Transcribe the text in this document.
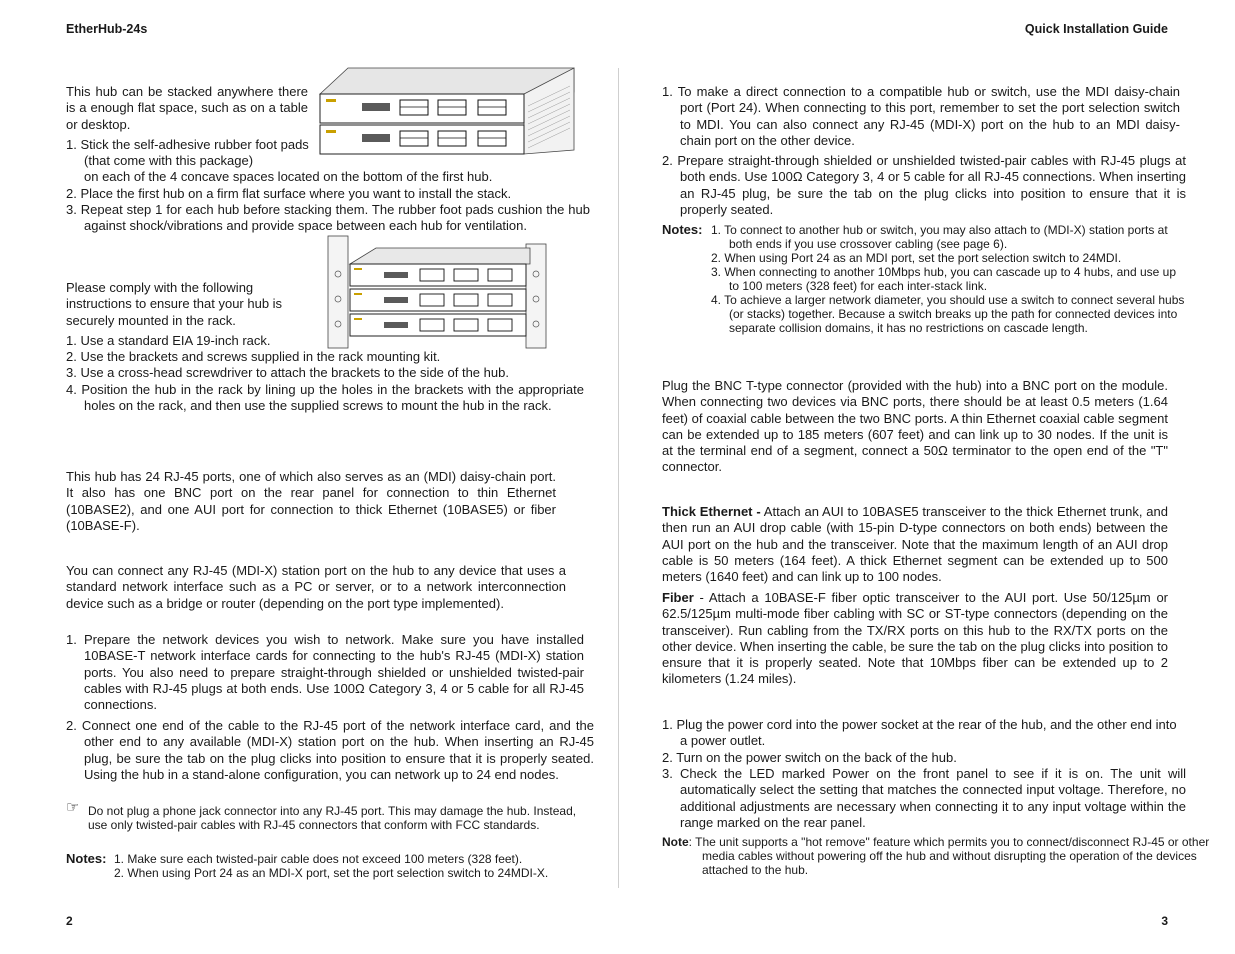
EtherHub-24s	Quick Installation Guide
2	3

This hub can be stacked anywhere there is a enough flat space, such as on a table or desktop.

1. Stick the self-adhesive rubber foot pads (that come with this package)
on each of the 4 concave spaces located on the bottom of the first hub.
2. Place the first hub on a firm flat surface where you want to install the stack.
3. Repeat step 1 for each hub before stacking them. The rubber foot pads cushion the hub against shock/vibrations and provide space between each hub for ventilation.

Please comply with the following instructions to ensure that your hub is securely mounted in the rack.

1. Use a standard EIA 19-inch rack.
2. Use the brackets and screws supplied in the rack mounting kit.
3. Use a cross-head screwdriver to attach the brackets to the side of the hub.
4. Position the hub in the rack by lining up the holes in the brackets with the appropriate holes on the rack, and then use the supplied screws to mount the hub in the rack.

This hub has 24 RJ-45 ports, one of which also serves as an (MDI) daisy-chain port. It also has one BNC port on the rear panel for connection to thin Ethernet (10BASE2), and one AUI port for connection to thick Ethernet (10BASE5) or fiber (10BASE-F).

You can connect any RJ-45 (MDI-X) station port on the hub to any device that uses a standard network interface such as a PC or server, or to a network interconnection device such as a bridge or router (depending on the port type implemented).

1. Prepare the network devices you wish to network. Make sure you have installed 10BASE-T network interface cards for connecting to the hub's RJ-45 (MDI-X) station ports. You also need to prepare straight-through shielded or unshielded twisted-pair cables with RJ-45 plugs at both ends. Use 100Ω Category 3, 4 or 5 cable for all RJ-45 connections.
2. Connect one end of the cable to the RJ-45 port of the network interface card, and the other end to any available (MDI-X) station port on the hub. When inserting an RJ-45 plug, be sure the tab on the plug clicks into position to ensure that it is properly seated. Using the hub in a stand-alone configuration, you can network up to 24 end nodes.
☞ Do not plug a phone jack connector into any RJ-45 port. This may damage the hub. Instead, use only twisted-pair cables with RJ-45 connectors that conform with FCC standards.
Notes: 1. Make sure each twisted-pair cable does not exceed 100 meters (328 feet).
2. When using Port 24 as an MDI-X port, set the port selection switch to 24MDI-X.
1. To make a direct connection to a compatible hub or switch, use the MDI daisy-chain port (Port 24). When connecting to this port, remember to set the port selection switch to MDI. You can also connect any RJ-45 (MDI-X) port on the hub to an MDI daisy-chain port on the other device.
2. Prepare straight-through shielded or unshielded twisted-pair cables with RJ-45 plugs at both ends. Use 100Ω Category 3, 4 or 5 cable for all RJ-45 connections. When inserting an RJ-45 plug, be sure the tab on the plug clicks into position to ensure that it is properly seated.
Notes: 1. To connect to another hub or switch, you may also attach to (MDI-X) station ports at both ends if you use crossover cabling (see page 6).
2. When using Port 24 as an MDI port, set the port selection switch to 24MDI.
3. When connecting to another 10Mbps hub, you can cascade up to 4 hubs, and use up to 100 meters (328 feet) for each inter-stack link.
4. To achieve a larger network diameter, you should use a switch to connect several hubs (or stacks) together. Because a switch breaks up the path for connected devices into separate collision domains, it has no restrictions on cascade length.

Plug the BNC T-type connector (provided with the hub) into a BNC port on the module. When connecting two devices via BNC ports, there should be at least 0.5 meters (1.64 feet) of coaxial cable between the two BNC ports. A thin Ethernet coaxial cable segment can be extended up to 185 meters (607 feet) and can link up to 30 nodes. If the unit is at the terminal end of a segment, connect a 50Ω terminator to the open end of the "T" connector.

Thick Ethernet - Attach an AUI to 10BASE5 transceiver to the thick Ethernet trunk, and then run an AUI drop cable (with 15-pin D-type connectors on both ends) between the AUI port on the hub and the transceiver. Note that the maximum length of an AUI drop cable is 50 meters (164 feet). A thick Ethernet segment can be extended up to 500 meters (1640 feet) and can link up to 100 nodes.

Fiber - Attach a 10BASE-F fiber optic transceiver to the AUI port. Use 50/125µm or 62.5/125µm multi-mode fiber cabling with SC or ST-type connectors (depending on the transceiver). Run cabling from the TX/RX ports on this hub to the RX/TX ports on the other device. When inserting the cable, be sure the tab on the plug clicks into position to ensure that it is properly seated. Note that 10Mbps fiber can be extended up to 2 kilometers (1.24 miles).

1. Plug the power cord into the power socket at the rear of the hub, and the other end into a power outlet.
2. Turn on the power switch on the back of the hub.
3. Check the LED marked Power on the front panel to see if it is on. The unit will automatically select the setting that matches the connected input voltage. Therefore, no additional adjustments are necessary when connecting it to any input voltage within the range marked on the rear panel.
Note: The unit supports a "hot remove" feature which permits you to connect/disconnect RJ-45 or other media cables without powering off the hub and without disrupting the operation of the devices attached to the hub.
